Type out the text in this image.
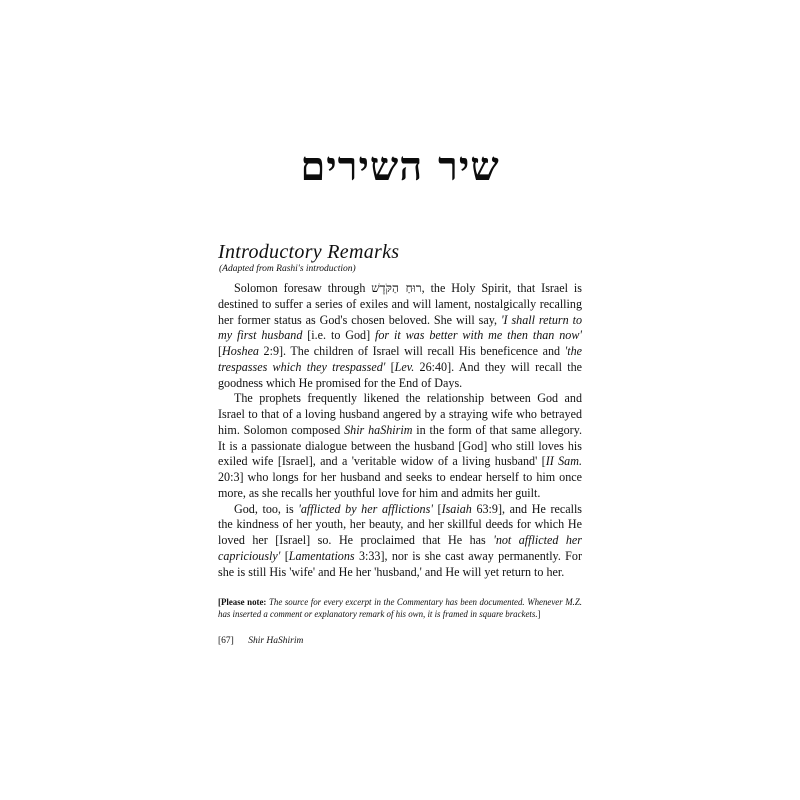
שיר השירים
Introductory Remarks
(Adapted from Rashi's introduction)

Solomon foresaw through רוּחַ הַקֹּדֶשׁ, the Holy Spirit, that Israel is destined to suffer a series of exiles and will lament, nostalgically recalling her former status as God's chosen beloved. She will say, 'I shall return to my first husband [i.e. to God] for it was better with me then than now' [Hoshea 2:9]. The children of Israel will recall His beneficence and 'the trespasses which they trespassed' [Lev. 26:40]. And they will recall the goodness which He promised for the End of Days.

The prophets frequently likened the relationship between God and Israel to that of a loving husband angered by a straying wife who betrayed him. Solomon composed Shir haShirim in the form of that same allegory. It is a passionate dialogue between the husband [God] who still loves his exiled wife [Israel], and a 'veritable widow of a living husband' [II Sam. 20:3] who longs for her husband and seeks to endear herself to him once more, as she recalls her youthful love for him and admits her guilt.

God, too, is 'afflicted by her afflictions' [Isaiah 63:9], and He recalls the kindness of her youth, her beauty, and her skillful deeds for which He loved her [Israel] so. He proclaimed that He has 'not afflicted her capriciously' [Lamentations 3:33], nor is she cast away permanently. For she is still His 'wife' and He her 'husband,' and He will yet return to her.

[Please note: The source for every excerpt in the Commentary has been documented. Whenever M.Z. has inserted a comment or explanatory remark of his own, it is framed in square brackets.]
[67] Shir HaShirim
